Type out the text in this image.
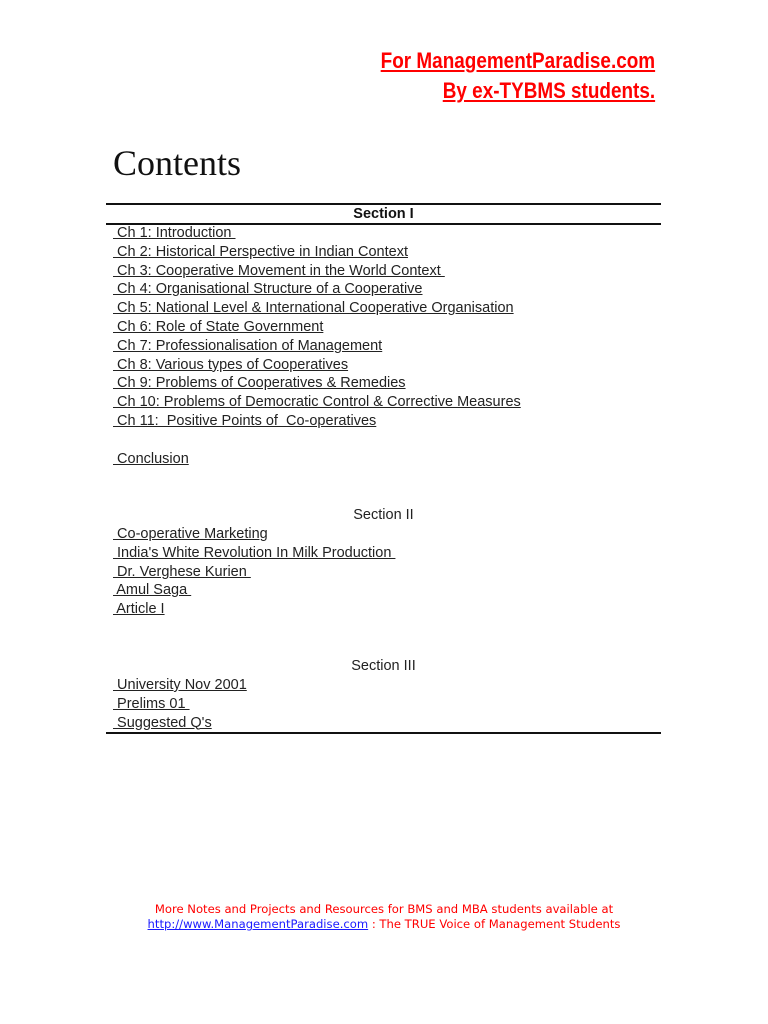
For ManagementParadise.com
By ex-TYBMS students.
Contents
Section I
Ch 1: Introduction
Ch 2: Historical Perspective in Indian Context
Ch 3: Cooperative Movement in the World Context
Ch 4: Organisational Structure of a Cooperative
Ch 5: National Level & International Cooperative Organisation
Ch 6: Role of State Government
Ch 7: Professionalisation of Management
Ch 8: Various types of Cooperatives
Ch 9: Problems of Cooperatives & Remedies
Ch 10: Problems of Democratic Control & Corrective Measures
Ch 11:  Positive Points of  Co-operatives
Conclusion
Section II
Co-operative Marketing
India's White Revolution In Milk Production
Dr. Verghese Kurien
Amul Saga
Article I
Section III
University Nov 2001
Prelims 01
Suggested Q's
More Notes and Projects and Resources for BMS and MBA students available at
http://www.ManagementParadise.com : The TRUE Voice of Management Students
